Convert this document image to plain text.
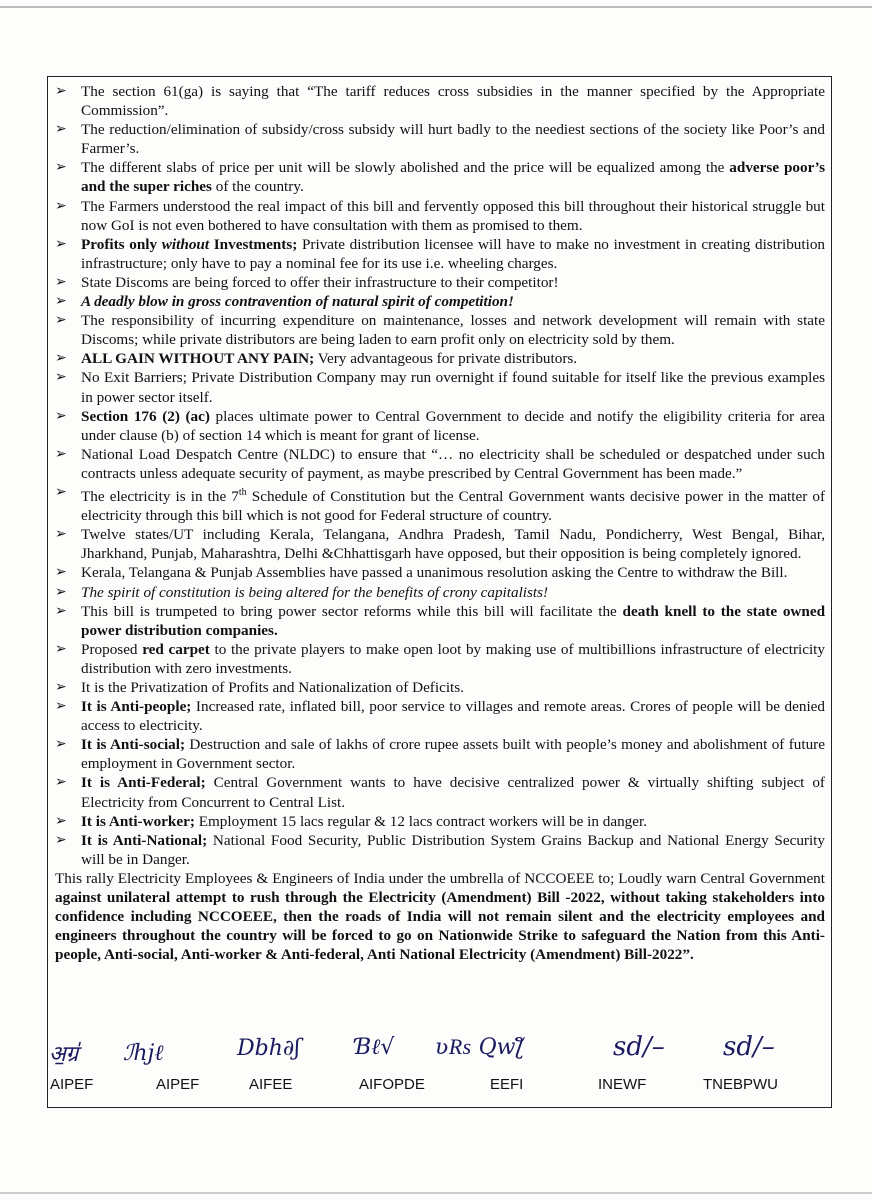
➢ The section 61(ga) is saying that “The tariff reduces cross subsidies in the manner specified by the Appropriate Commission”.
➢ The reduction/elimination of subsidy/cross subsidy will hurt badly to the neediest sections of the society like Poor’s and Farmer’s.
➢ The different slabs of price per unit will be slowly abolished and the price will be equalized among the adverse poor’s and the super riches of the country.
➢ The Farmers understood the real impact of this bill and fervently opposed this bill throughout their historical struggle but now GoI is not even bothered to have consultation with them as promised to them.
➢ Profits only without Investments; Private distribution licensee will have to make no investment in creating distribution infrastructure; only have to pay a nominal fee for its use i.e. wheeling charges.
➢ State Discoms are being forced to offer their infrastructure to their competitor!
➢ A deadly blow in gross contravention of natural spirit of competition!
➢ The responsibility of incurring expenditure on maintenance, losses and network development will remain with state Discoms; while private distributors are being laden to earn profit only on electricity sold by them.
➢ ALL GAIN WITHOUT ANY PAIN; Very advantageous for private distributors.
➢ No Exit Barriers; Private Distribution Company may run overnight if found suitable for itself like the previous examples in power sector itself.
➢ Section 176 (2) (ac) places ultimate power to Central Government to decide and notify the eligibility criteria for area under clause (b) of section 14 which is meant for grant of license.
➢ National Load Despatch Centre (NLDC) to ensure that “… no electricity shall be scheduled or despatched under such contracts unless adequate security of payment, as maybe prescribed by Central Government has been made.”
➢ The electricity is in the 7th Schedule of Constitution but the Central Government wants decisive power in the matter of electricity through this bill which is not good for Federal structure of country.
➢ Twelve states/UT including Kerala, Telangana, Andhra Pradesh, Tamil Nadu, Pondicherry, West Bengal, Bihar, Jharkhand, Punjab, Maharashtra, Delhi &Chhattisgarh have opposed, but their opposition is being completely ignored.
➢ Kerala, Telangana & Punjab Assemblies have passed a unanimous resolution asking the Centre to withdraw the Bill.
➢ The spirit of constitution is being altered for the benefits of crony capitalists!
➢ This bill is trumpeted to bring power sector reforms while this bill will facilitate the death knell to the state owned power distribution companies.
➢ Proposed red carpet to the private players to make open loot by making use of multibillions infrastructure of electricity distribution with zero investments.
➢ It is the Privatization of Profits and Nationalization of Deficits.
➢ It is Anti-people; Increased rate, inflated bill, poor service to villages and remote areas. Crores of people will be denied access to electricity.
➢ It is Anti-social; Destruction and sale of lakhs of crore rupee assets built with people’s money and abolishment of future employment in Government sector.
➢ It is Anti-Federal; Central Government wants to have decisive centralized power & virtually shifting subject of Electricity from Concurrent to Central List.
➢ It is Anti-worker; Employment 15 lacs regular & 12 lacs contract workers will be in danger.
➢ It is Anti-National; National Food Security, Public Distribution System Grains Backup and National Energy Security will be in Danger.
This rally Electricity Employees & Engineers of India under the umbrella of NCCOEEE to; Loudly warn Central Government against unilateral attempt to rush through the Electricity (Amendment) Bill -2022, without taking stakeholders into confidence including NCCOEEE, then the roads of India will not remain silent and the electricity employees and engineers throughout the country will be forced to go on Nationwide Strike to safeguard the Nation from this Anti-people, Anti-social, Anti-worker & Anti-federal, Anti National Electricity (Amendment) Bill-2022”.
अ॒ग्र॑ ℐhjℓ	Dbh∂ʃ Ɓℓ√ ʋ₨ Qwƪ	sd/– sd/–
AIPEF	AIPEF	AIFEE	AIFOPDE	EEFI	INEWF	TNEBPWU
